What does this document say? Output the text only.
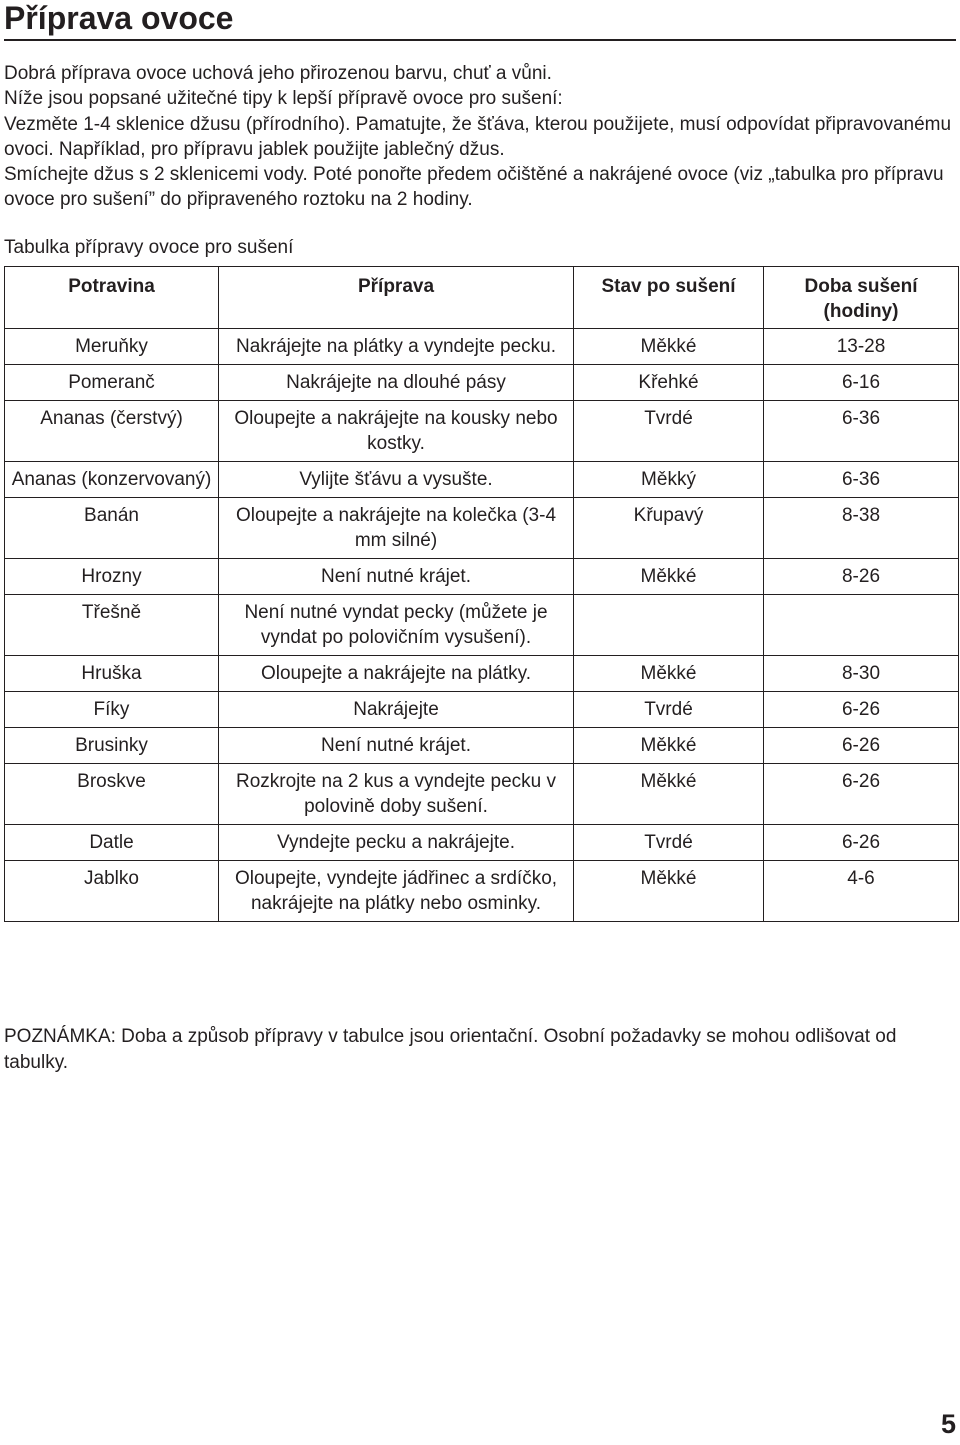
Příprava ovoce

Dobrá příprava ovoce uchová jeho přirozenou barvu, chuť a vůni.

Níže jsou popsané užitečné tipy k lepší přípravě ovoce pro sušení:

Vezměte 1-4 sklenice džusu (přírodního). Pamatujte, že šťáva, kterou použijete, musí odpovídat připravovanému ovoci. Například, pro přípravu jablek použijte jablečný džus.

Smíchejte džus s 2 sklenicemi vody. Poté ponořte předem očištěné a nakrájené ovoce (viz „tabulka pro přípravu ovoce pro sušení” do připraveného roztoku na 2 hodiny.

Tabulka přípravy ovoce pro sušení

Potravina	Příprava	Stav po sušení	Doba sušení (hodiny)
Meruňky	Nakrájejte na plátky a vyndejte pecku.	Měkké	13-28
Pomeranč	Nakrájejte na dlouhé pásy	Křehké	6-16
Ananas (čerstvý)	Oloupejte a nakrájejte na kousky nebo kostky.	Tvrdé	6-36
Ananas (konzervovaný)	Vylijte šťávu a vysušte.	Měkký	6-36
Banán	Oloupejte a nakrájejte na kolečka (3-4 mm silné)	Křupavý	8-38
Hrozny	Není nutné krájet.	Měkké	8-26
Třešně	Není nutné vyndat pecky (můžete je vyndat po polovičním vysušení).		
Hruška	Oloupejte a nakrájejte na plátky.	Měkké	8-30
Fíky	Nakrájejte	Tvrdé	6-26
Brusinky	Není nutné krájet.	Měkké	6-26
Broskve	Rozkrojte na 2 kus a vyndejte pecku v polovině doby sušení.	Měkké	6-26
Datle	Vyndejte pecku a nakrájejte.	Tvrdé	6-26
Jablko	Oloupejte, vyndejte jádřinec a srdíčko, nakrájejte na plátky nebo osminky.	Měkké	4-6

POZNÁMKA: Doba a způsob přípravy v tabulce jsou orientační. Osobní požadavky se mohou odlišovat od tabulky.

5
